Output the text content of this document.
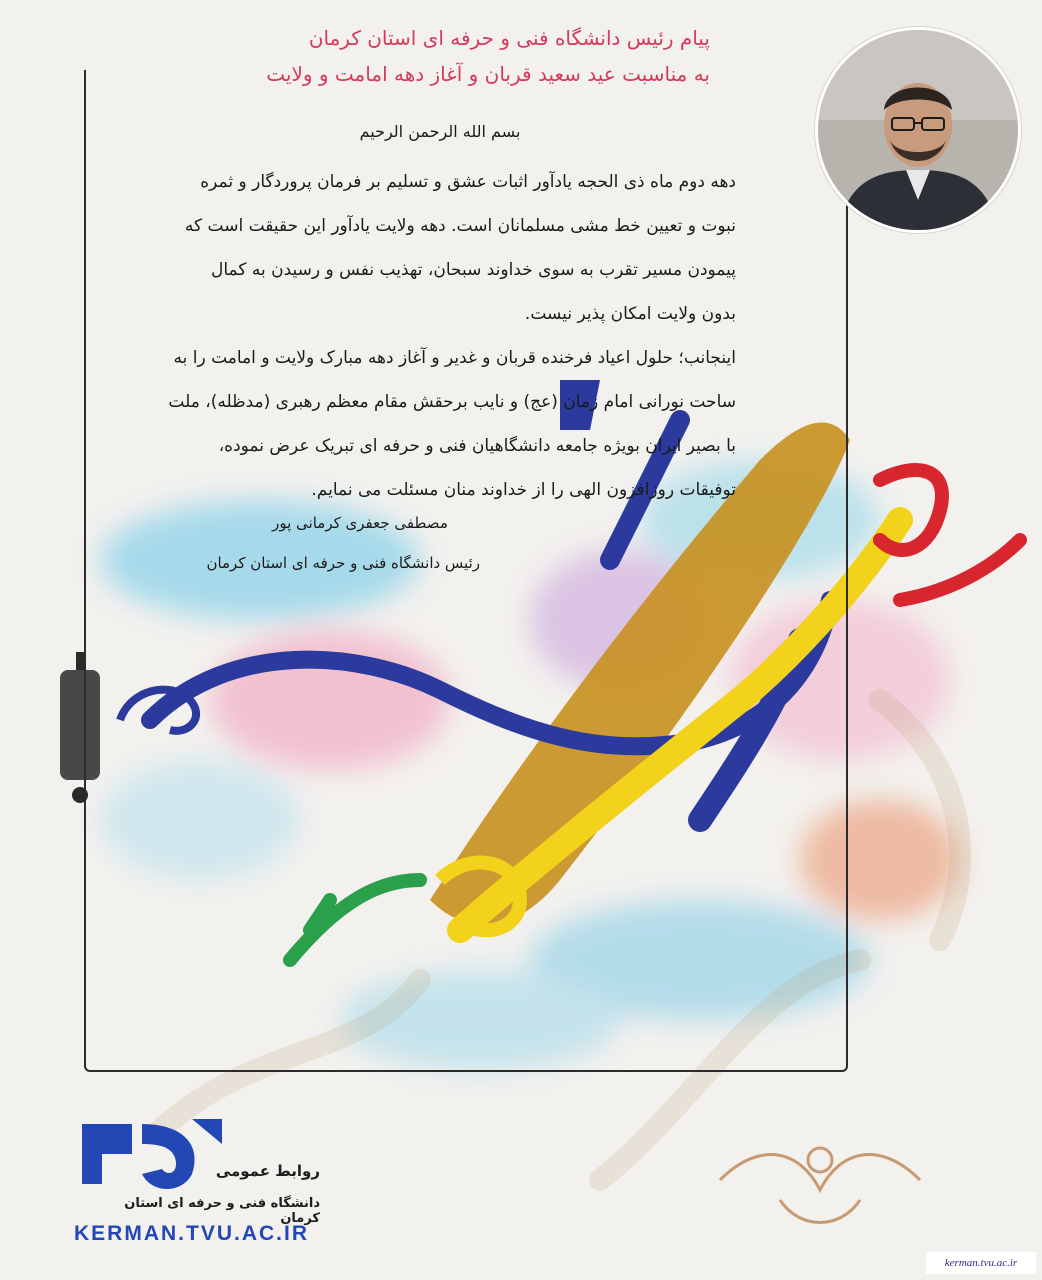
پیام رئیس دانشگاه فنی و حرفه ای استان کرمان
به مناسبت عید سعید قربان و آغاز دهه امامت و ولایت
بسم الله الرحمن الرحیم

دهه دوم ماه ذی الحجه یادآور اثبات عشق و تسلیم بر فرمان پروردگار و ثمره

نبوت و تعیین خط مشی مسلمانان است. دهه ولایت یادآور این حقیقت است که

پیمودن مسیر تقرب به سوی خداوند سبحان، تهذیب نفس و رسیدن به کمال

بدون ولایت امکان پذیر نیست.

اینجانب؛ حلول اعیاد فرخنده قربان و غدیر و آغاز دهه مبارک ولایت و امامت را به

ساحت نورانی امام زمان (عج) و نایب برحقش مقام معظم رهبری (مدظله)، ملت

با بصیر ایران بویژه جامعه دانشگاهیان فنی و حرفه ای تبریک عرض نموده،

توفیقات روزافزون الهی را از خداوند منان مسئلت می نمایم.

مصطفی جعفری کرمانی پور
رئیس دانشگاه فنی و حرفه ای استان کرمان
روابط عمومی
دانشگاه فنی و حرفه ای استان کرمان
KERMAN.TVU.AC.IR
kerman.tvu.ac.ir
